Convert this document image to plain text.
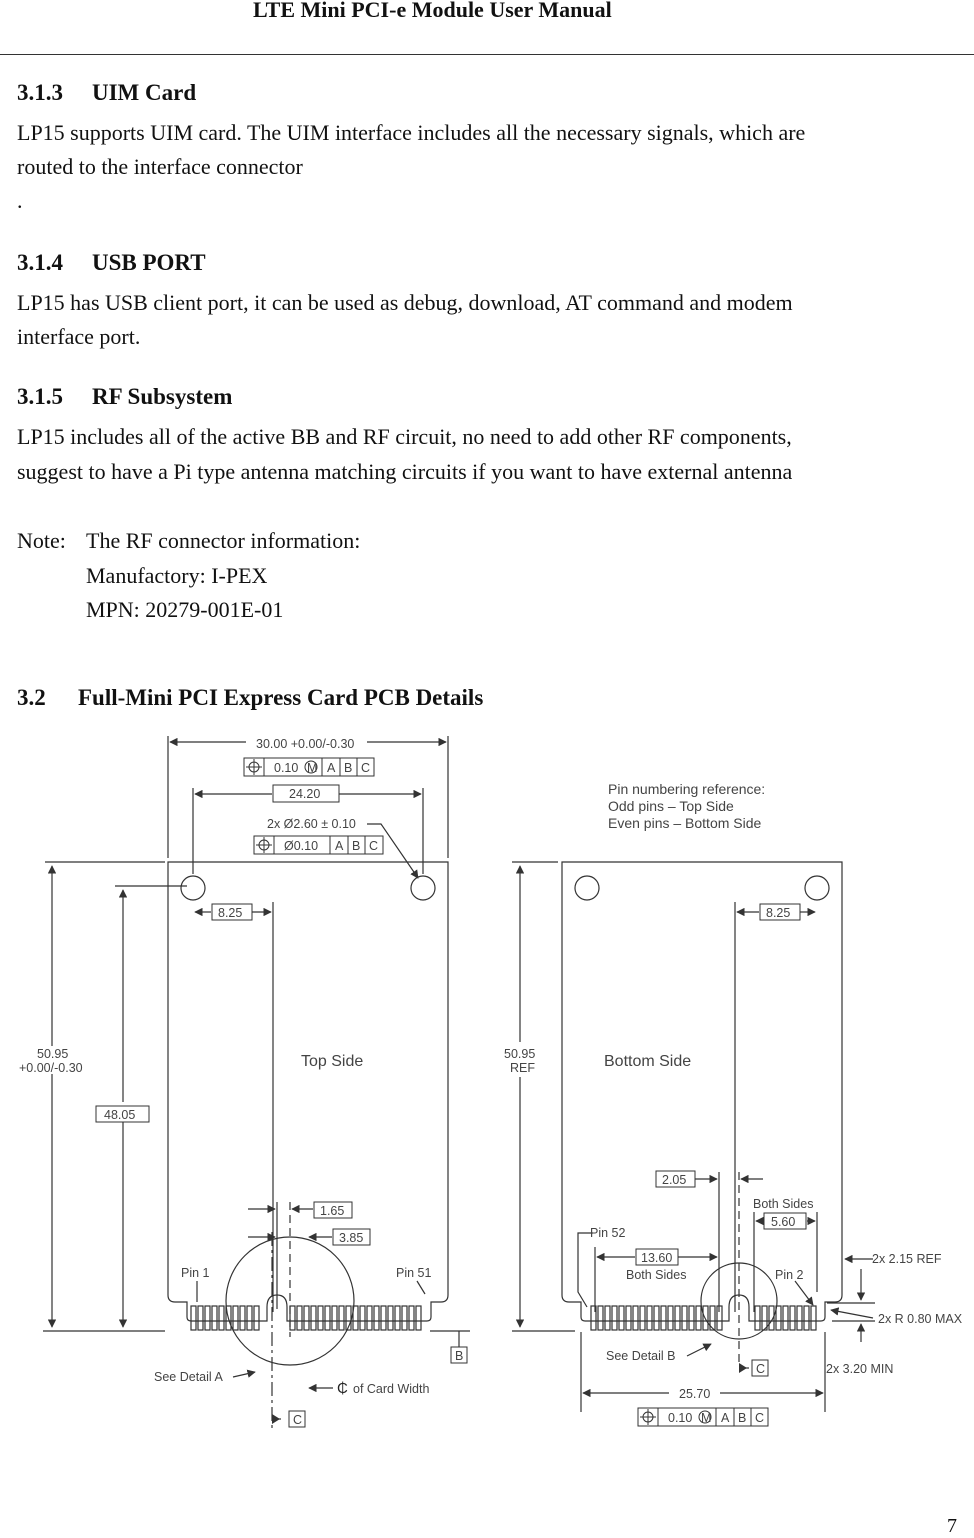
LTE Mini PCI-e Module User Manual
3.1.3 UIM Card
LP15 supports UIM card. The UIM interface includes all the necessary signals, which are
routed to the interface connector
.
3.1.4 USB PORT
LP15 has USB client port, it can be used as debug, download, AT command and modem
interface port.
3.1.5 RF Subsystem
LP15 includes all of the active BB and RF circuit, no need to add other RF components,
suggest to have a Pi type antenna matching circuits if you want to have external antenna
Note: The RF connector information:
Manufactory: I-PEX
MPN: 20279-001E-01
3.2 Full-Mini PCI Express Card PCB Details
30.00 +0.00/-0.30
0.10 M A B C
24.20
2x Ø2.60 ± 0.10
Ø0.10 A B C
8.25
Top Side
50.95
+0.00/-0.30
48.05
1.65
3.85
Pin 1	Pin 51
See Detail A
B
C
₵ of Card Width
Pin numbering reference:
Odd pins – Top Side
Even pins – Bottom Side
8.25
Bottom Side
50.95
REF
2.05
Both Sides
5.60
Pin 52
13.60
Both Sides	Pin 2
2x 2.15 REF
2x R 0.80 MAX
2x 3.20 MIN
See Detail B
C
25.70
0.10 M A B C
7
